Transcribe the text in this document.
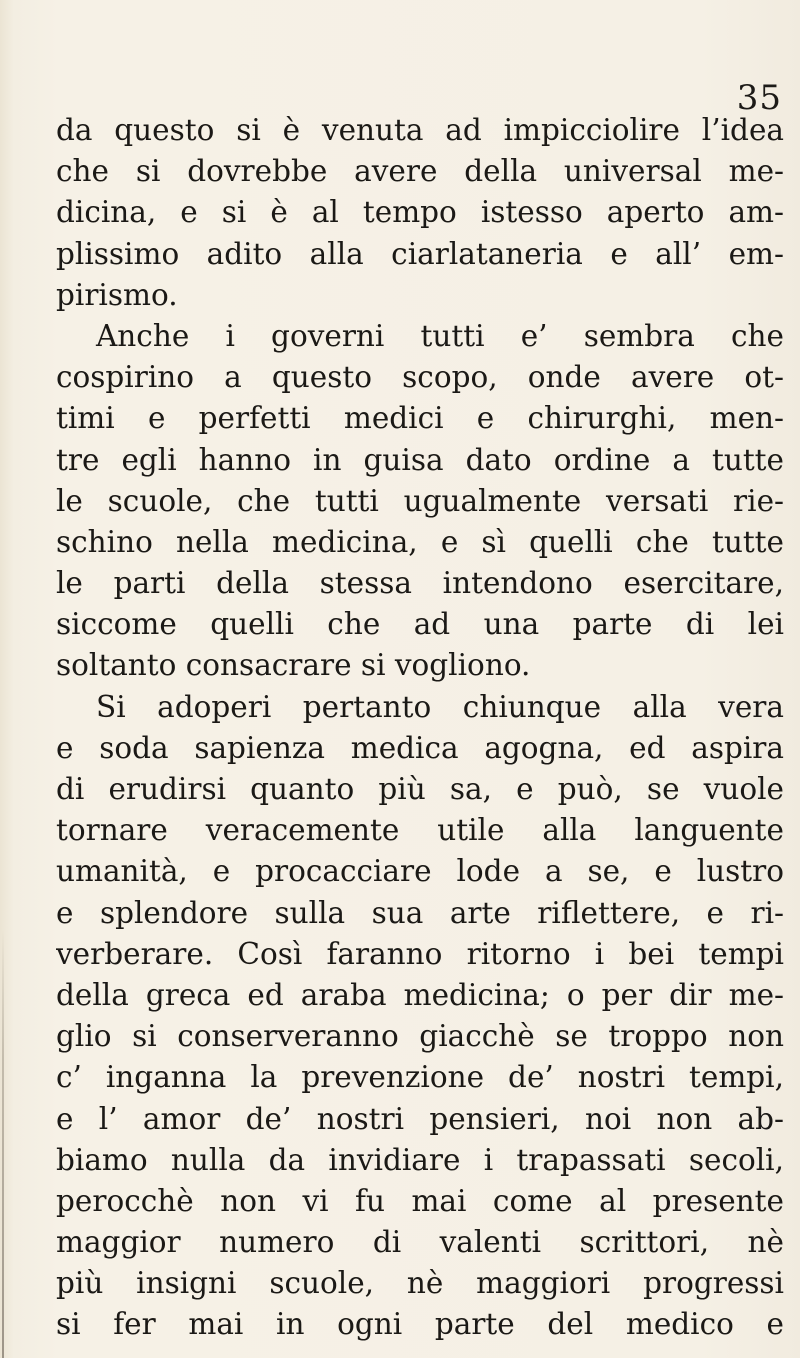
35
da questo si è venuta ad impicciolire l’idea
che si dovrebbe avere della universal me-
dicina, e si è al tempo istesso aperto am-
plissimo adito alla ciarlataneria e all’ em-
pirismo.
Anche i governi tutti e’ sembra che
cospirino a questo scopo, onde avere ot-
timi e perfetti medici e chirurghi, men-
tre egli hanno in guisa dato ordine a tutte
le scuole, che tutti ugualmente versati rie-
schino nella medicina, e sì quelli che tutte
le parti della stessa intendono esercitare,
siccome quelli che ad una parte di lei
soltanto consacrare si vogliono.
Si adoperi pertanto chiunque alla vera
e soda sapienza medica agogna, ed aspira
di erudirsi quanto più sa, e può, se vuole
tornare veracemente utile alla languente
umanità, e procacciare lode a se, e lustro
e splendore sulla sua arte riflettere, e ri-
verberare. Così faranno ritorno i bei tempi
della greca ed araba medicina; o per dir me-
glio si conserveranno giacchè se troppo non
c’ inganna la prevenzione de’ nostri tempi,
e l’ amor de’ nostri pensieri, noi non ab-
biamo nulla da invidiare i trapassati secoli,
perocchè non vi fu mai come al presente
maggior numero di valenti scrittori, nè
più insigni scuole, nè maggiori progressi
si fer mai in ogni parte del medico e
